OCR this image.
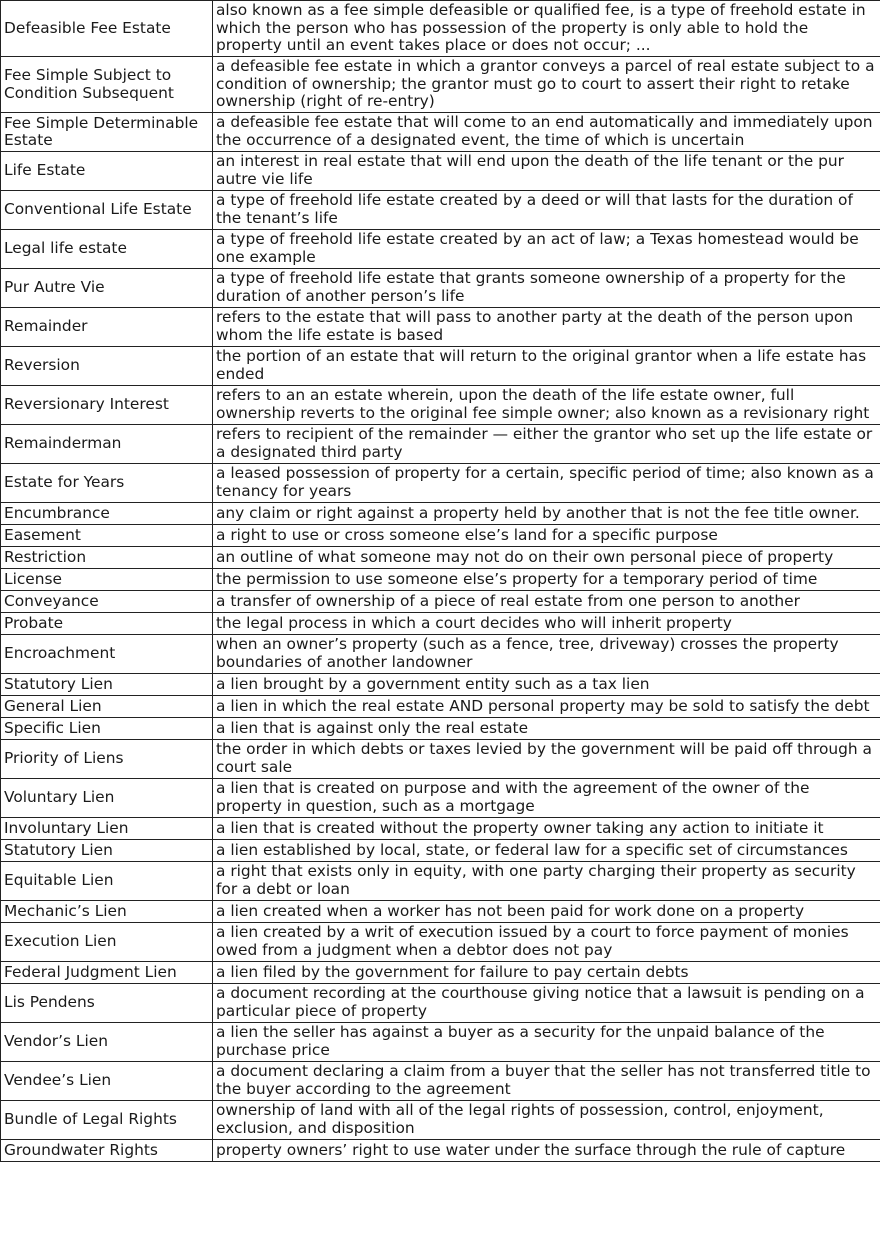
Defeasible Fee Estate	also known as a fee simple defeasible or qualified fee, is a type of freehold estate in which the person who has possession of the property is only able to hold the property until an event takes place or does not occur; ...
Fee Simple Subject to Condition Subsequent	a defeasible fee estate in which a grantor conveys a parcel of real estate subject to a condition of ownership; the grantor must go to court to assert their right to retake ownership (right of re-entry)
Fee Simple Determinable Estate	a defeasible fee estate that will come to an end automatically and immediately upon the occurrence of a designated event, the time of which is uncertain
Life Estate	an interest in real estate that will end upon the death of the life tenant or the pur autre vie life
Conventional Life Estate	a type of freehold life estate created by a deed or will that lasts for the duration of the tenant’s life
Legal life estate	a type of freehold life estate created by an act of law; a Texas homestead would be one example
Pur Autre Vie	a type of freehold life estate that grants someone ownership of a property for the duration of another person’s life
Remainder	refers to the estate that will pass to another party at the death of the person upon whom the life estate is based
Reversion	the portion of an estate that will return to the original grantor when a life estate has ended
Reversionary Interest	refers to an an estate wherein, upon the death of the life estate owner, full ownership reverts to the original fee simple owner; also known as a revisionary right
Remainderman	refers to recipient of the remainder — either the grantor who set up the life estate or a designated third party
Estate for Years	a leased possession of property for a certain, specific period of time; also known as a tenancy for years
Encumbrance	any claim or right against a property held by another that is not the fee title owner.
Easement	a right to use or cross someone else’s land for a specific purpose
Restriction	an outline of what someone may not do on their own personal piece of property
License	the permission to use someone else’s property for a temporary period of time
Conveyance	a transfer of ownership of a piece of real estate from one person to another
Probate	the legal process in which a court decides who will inherit property
Encroachment	when an owner’s property (such as a fence, tree, driveway) crosses the property boundaries of another landowner
Statutory Lien	a lien brought by a government entity such as a tax lien
General Lien	a lien in which the real estate AND personal property may be sold to satisfy the debt
Specific Lien	a lien that is against only the real estate
Priority of Liens	the order in which debts or taxes levied by the government will be paid off through a court sale
Voluntary Lien	a lien that is created on purpose and with the agreement of the owner of the property in question, such as a mortgage
Involuntary Lien	a lien that is created without the property owner taking any action to initiate it
Statutory Lien	a lien established by local, state, or federal law for a specific set of circumstances
Equitable Lien	a right that exists only in equity, with one party charging their property as security for a debt or loan
Mechanic’s Lien	a lien created when a worker has not been paid for work done on a property
Execution Lien	a lien created by a writ of execution issued by a court to force payment of monies owed from a judgment when a debtor does not pay
Federal Judgment Lien	a lien filed by the government for failure to pay certain debts
Lis Pendens	a document recording at the courthouse giving notice that a lawsuit is pending on a particular piece of property
Vendor’s Lien	a lien the seller has against a buyer as a security for the unpaid balance of the purchase price
Vendee’s Lien	a document declaring a claim from a buyer that the seller has not transferred title to the buyer according to the agreement
Bundle of Legal Rights	ownership of land with all of the legal rights of possession, control, enjoyment, exclusion, and disposition
Groundwater Rights	property owners’ right to use water under the surface through the rule of capture
